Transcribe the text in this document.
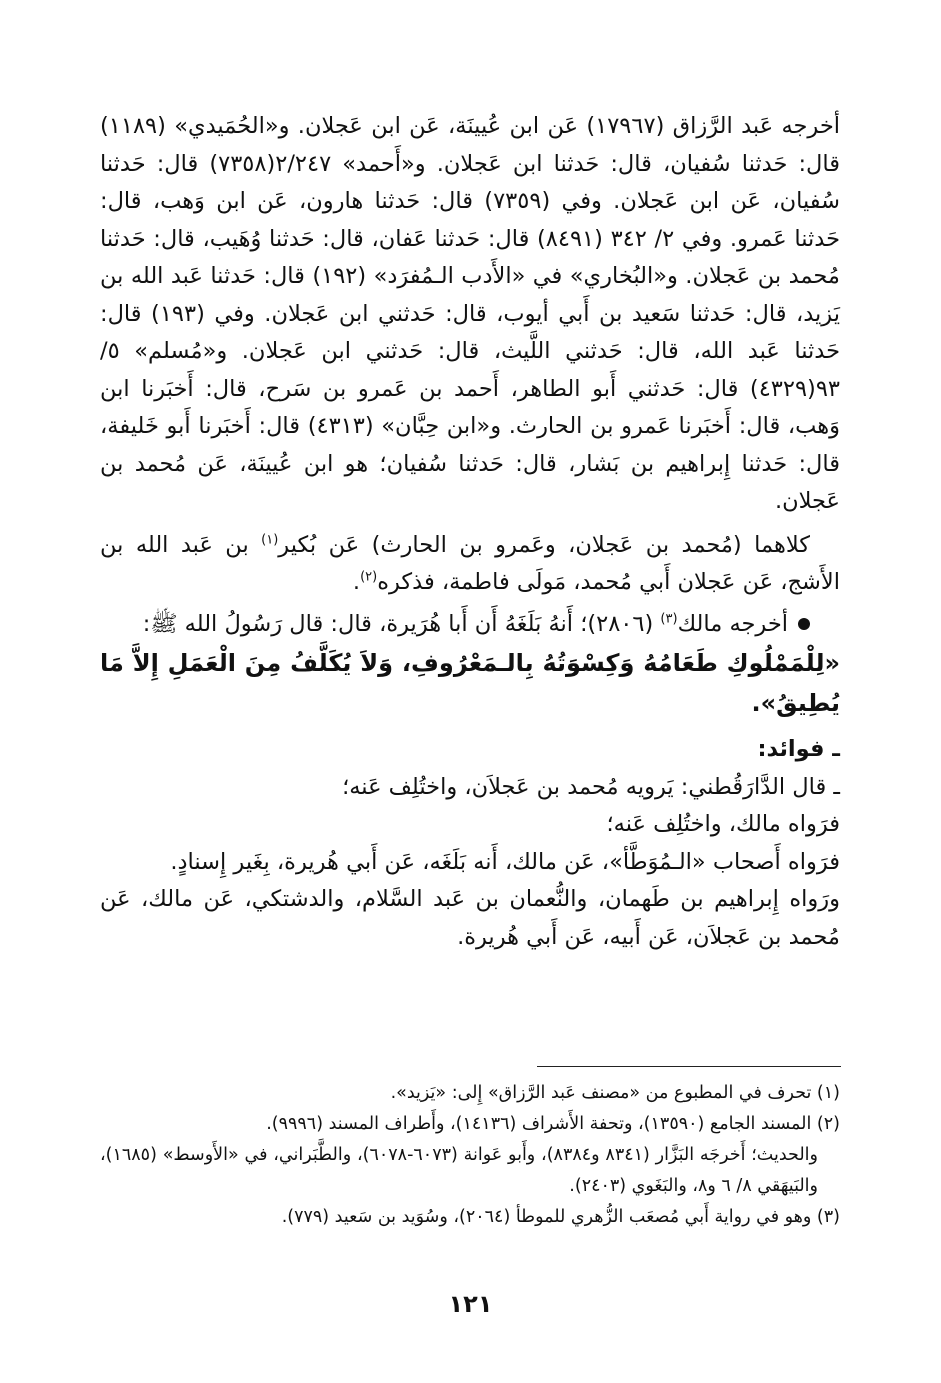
أخرجه عَبد الرَّزاق (١٧٩٦٧) عَن ابن عُيينَة، عَن ابن عَجلان. و«الحُمَيدي» (١١٨٩) قال: حَدثنا سُفيان، قال: حَدثنا ابن عَجلان. و«أَحمد» ٢/٢٤٧(٧٣٥٨) قال: حَدثنا سُفيان، عَن ابن عَجلان. وفي (٧٣٥٩) قال: حَدثنا هارون، عَن ابن وَهب، قال: حَدثنا عَمرو. وفي ٢/ ٣٤٢ (٨٤٩١) قال: حَدثنا عَفان، قال: حَدثنا وُهَيب، قال: حَدثنا مُحمد بن عَجلان. و«البُخاري» في «الأَدب الـمُفرَد» (١٩٢) قال: حَدثنا عَبد الله بن يَزيد، قال: حَدثنا سَعيد بن أَبي أيوب، قال: حَدثني ابن عَجلان. وفي (١٩٣) قال: حَدثنا عَبد الله، قال: حَدثني اللَّيث، قال: حَدثني ابن عَجلان. و«مُسلم» ٥/ ٩٣(٤٣٢٩) قال: حَدثني أَبو الطاهر، أَحمد بن عَمرو بن سَرح، قال: أَخبَرنا ابن وَهب، قال: أَخبَرنا عَمرو بن الحارث. و«ابن حِبَّان» (٤٣١٣) قال: أَخبَرنا أَبو خَليفة، قال: حَدثنا إِبراهيم بن بَشار، قال: حَدثنا سُفيان؛ هو ابن عُيينَة، عَن مُحمد بن عَجلان.

كلاهما (مُحمد بن عَجلان، وعَمرو بن الحارث) عَن بُكير$^{(١)}$ بن عَبد الله بن الأَشج، عَن عَجلان أَبي مُحمد، مَولَى فاطمة، فذكره$^{(٢)}$.

أخرجه مالك$^{(٣)}$ (٢٨٠٦)؛ أَنهُ بَلَغَهُ أَن أَبا هُرَيرة، قال: قال رَسُولُ الله ﷺ:

«لِلْمَمْلُوكِ طَعَامُهُ وَكِسْوَتُهُ بِالـمَعْرُوفِ، وَلاَ يُكَلَّفُ مِنَ الْعَمَلِ إِلاَّ مَا يُطِيقُ».

ـ فوائد:

ـ قال الدَّارَقُطني: يَرويه مُحمد بن عَجلاَن، واختُلِف عَنه؛

فرَواه مالك، واختُلِف عَنه؛

فرَواه أَصحاب «الـمُوَطَّأ»، عَن مالك، أَنه بَلَغَه، عَن أَبي هُريرة، بِغَير إِسنادٍ.

ورَواه إِبراهيم بن طَهمان، والنُّعمان بن عَبد السَّلام، والدشتكي، عَن مالك، عَن مُحمد بن عَجلاَن، عَن أَبيه، عَن أَبي هُريرة.

(١) تحرف في المطبوع من «مصنف عَبد الرَّزاق» إِلى: «يَزيد».

(٢) المسند الجامع (١٣٥٩٠)، وتحفة الأَشراف (١٤١٣٦)، وأَطراف المسند (٩٩٩٦).

والحديث؛ أَخرجَه البَزَّار (٨٣٤١ و٨٣٨٤)، وأَبو عَوانة (٦٠٧٣-٦٠٧٨)، والطَّبَراني، في «الأَوسط» (١٦٨٥)، والبَيهَقي ٨/ ٦ و٨، والبَغَوي (٢٤٠٣).

(٣) وهو في رواية أَبي مُصعَب الزُّهري للموطأ (٢٠٦٤)، وسُوَيد بن سَعيد (٧٧٩).

١٢١
